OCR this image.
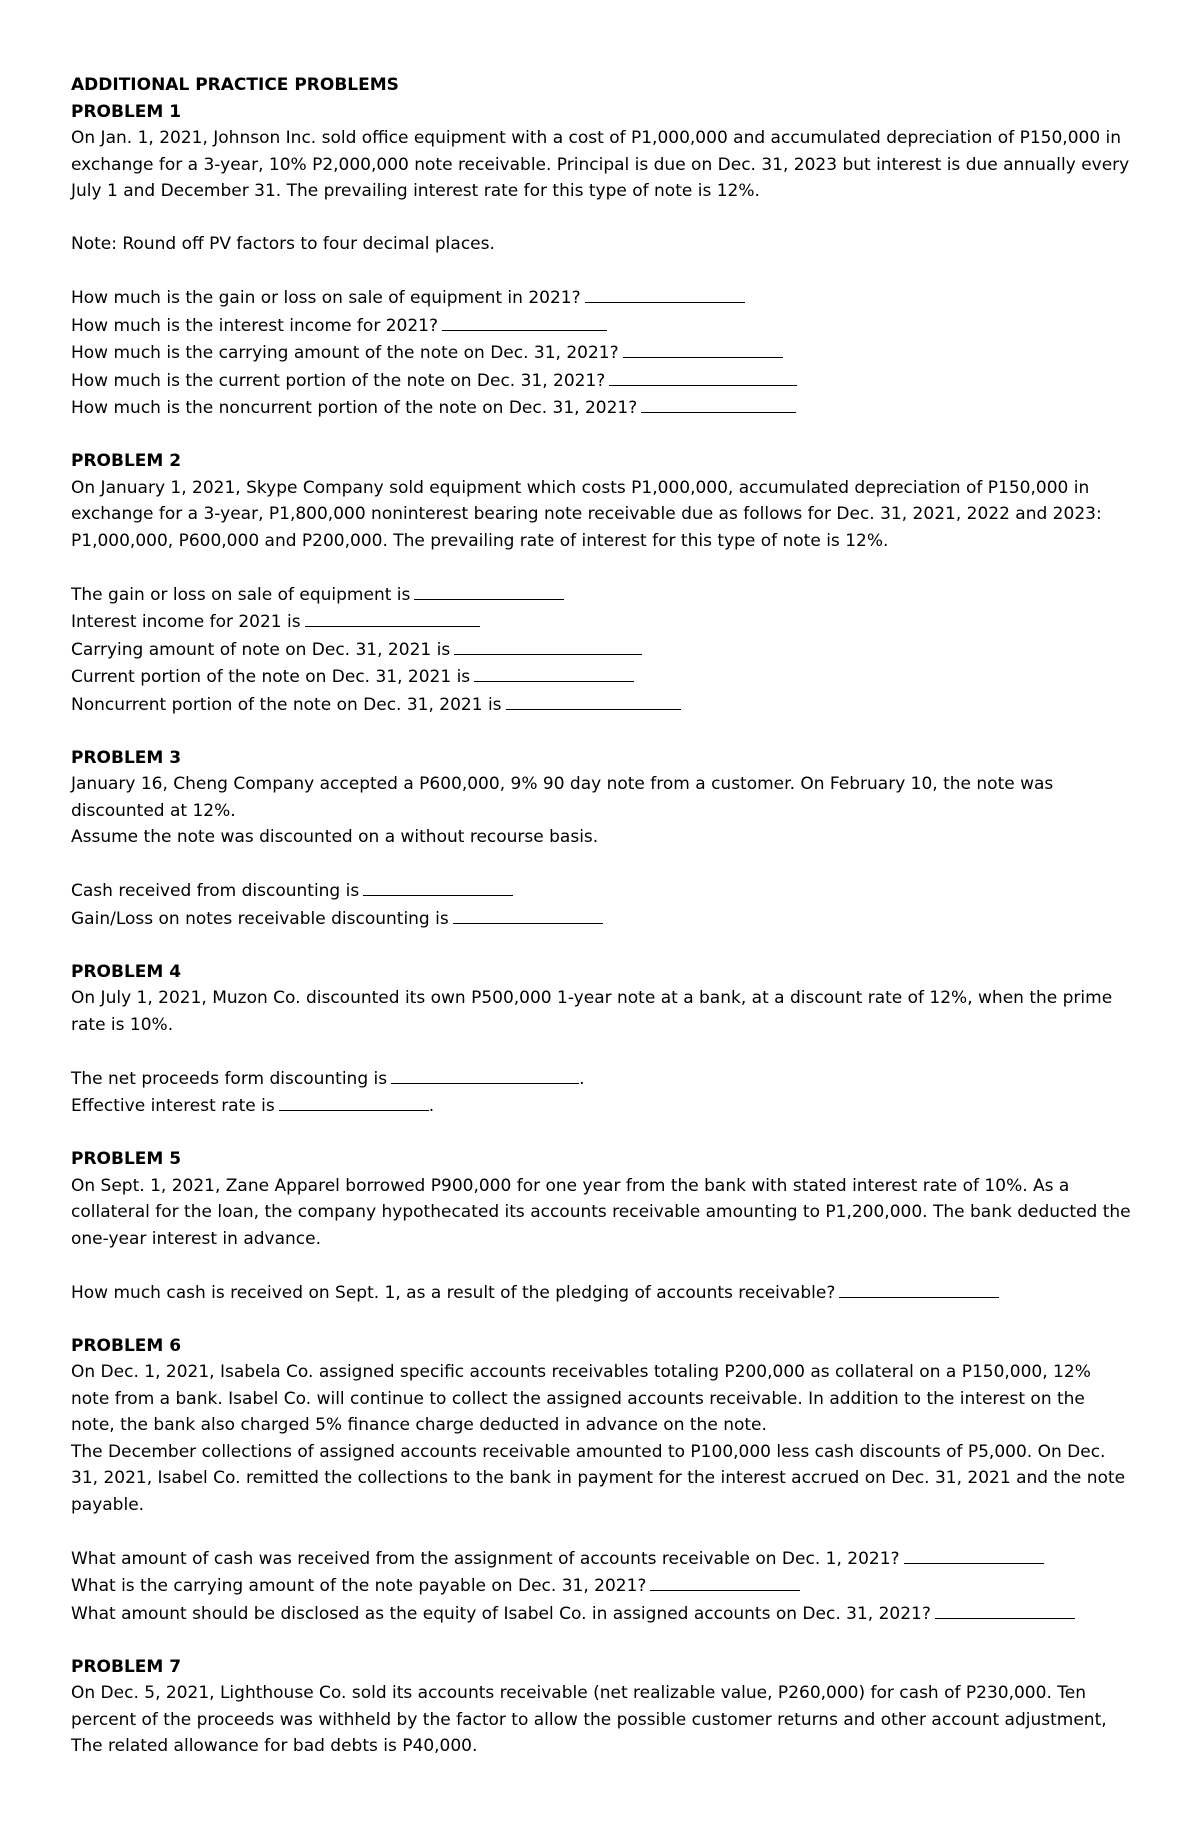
ADDITIONAL PRACTICE PROBLEMS

PROBLEM 1

On Jan. 1, 2021, Johnson Inc. sold office equipment with a cost of P1,000,000 and accumulated depreciation of P150,000 in exchange for a 3-year, 10% P2,000,000 note receivable. Principal is due on Dec. 31, 2023 but interest is due annually every July 1 and December 31. The prevailing interest rate for this type of note is 12%.

Note: Round off PV factors to four decimal places.

How much is the gain or loss on sale of equipment in 2021?

How much is the interest income for 2021?

How much is the carrying amount of the note on Dec. 31, 2021?

How much is the current portion of the note on Dec. 31, 2021?

How much is the noncurrent portion of the note on Dec. 31, 2021?

PROBLEM 2

On January 1, 2021, Skype Company sold equipment which costs P1,000,000, accumulated depreciation of P150,000 in exchange for a 3-year, P1,800,000 noninterest bearing note receivable due as follows for Dec. 31, 2021, 2022 and 2023: P1,000,000, P600,000 and P200,000. The prevailing rate of interest for this type of note is 12%.

The gain or loss on sale of equipment is

Interest income for 2021 is

Carrying amount of note on Dec. 31, 2021 is

Current portion of the note on Dec. 31, 2021 is

Noncurrent portion of the note on Dec. 31, 2021 is

PROBLEM 3

January 16, Cheng Company accepted a P600,000, 9% 90 day note from a customer. On February 10, the note was discounted at 12%.

Assume the note was discounted on a without recourse basis.

Cash received from discounting is

Gain/Loss on notes receivable discounting is

PROBLEM 4

On July 1, 2021, Muzon Co. discounted its own P500,000 1-year note at a bank, at a discount rate of 12%, when the prime rate is 10%.

The net proceeds form discounting is	.

Effective interest rate is	.

PROBLEM 5

On Sept. 1, 2021, Zane Apparel borrowed P900,000 for one year from the bank with stated interest rate of 10%. As a collateral for the loan, the company hypothecated its accounts receivable amounting to P1,200,000. The bank deducted the one-year interest in advance.

How much cash is received on Sept. 1, as a result of the pledging of accounts receivable?

PROBLEM 6

On Dec. 1, 2021, Isabela Co. assigned specific accounts receivables totaling P200,000 as collateral on a P150,000, 12% note from a bank. Isabel Co. will continue to collect the assigned accounts receivable. In addition to the interest on the note, the bank also charged 5% finance charge deducted in advance on the note.

The December collections of assigned accounts receivable amounted to P100,000 less cash discounts of P5,000. On Dec. 31, 2021, Isabel Co. remitted the collections to the bank in payment for the interest accrued on Dec. 31, 2021 and the note payable.

What amount of cash was received from the assignment of accounts receivable on Dec. 1, 2021?

What is the carrying amount of the note payable on Dec. 31, 2021?

What amount should be disclosed as the equity of Isabel Co. in assigned accounts on Dec. 31, 2021?

PROBLEM 7

On Dec. 5, 2021, Lighthouse Co. sold its accounts receivable (net realizable value, P260,000) for cash of P230,000. Ten percent of the proceeds was withheld by the factor to allow the possible customer returns and other account adjustment, The related allowance for bad debts is P40,000.
